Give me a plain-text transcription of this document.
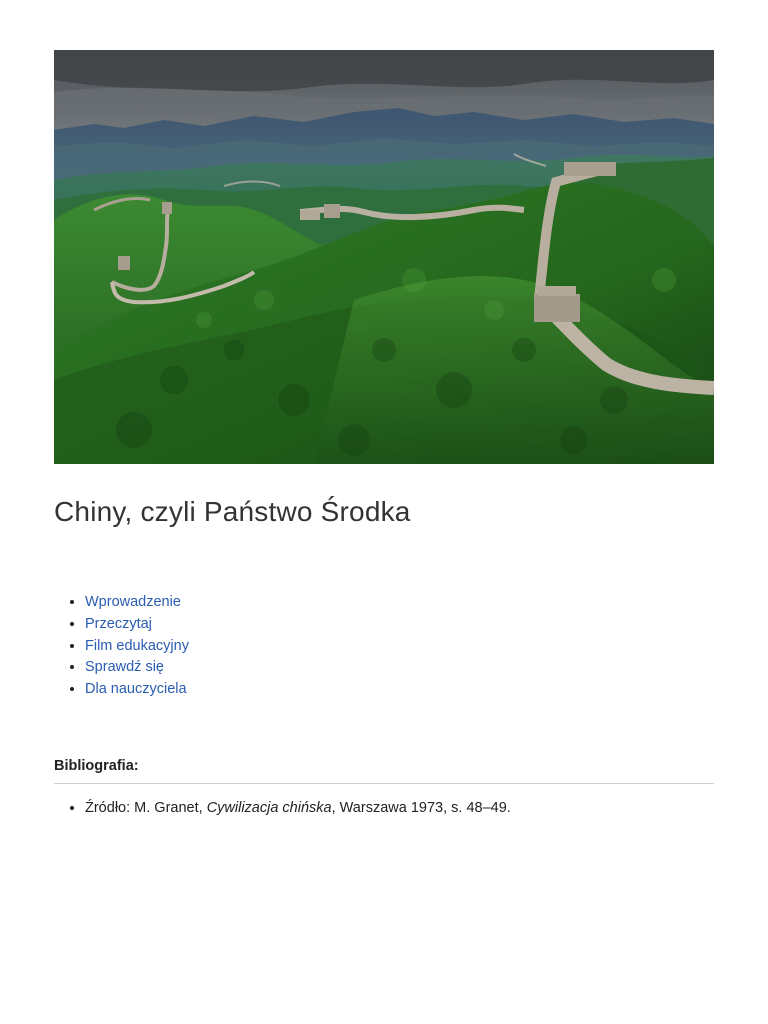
Chiny, czyli Państwo Środka
• Wprowadzenie
• Przeczytaj
• Film edukacyjny
• Sprawdź się
• Dla nauczyciela
Bibliografia:
• Źródło: M. Granet, Cywilizacja chińska, Warszawa 1973, s. 48–49.
